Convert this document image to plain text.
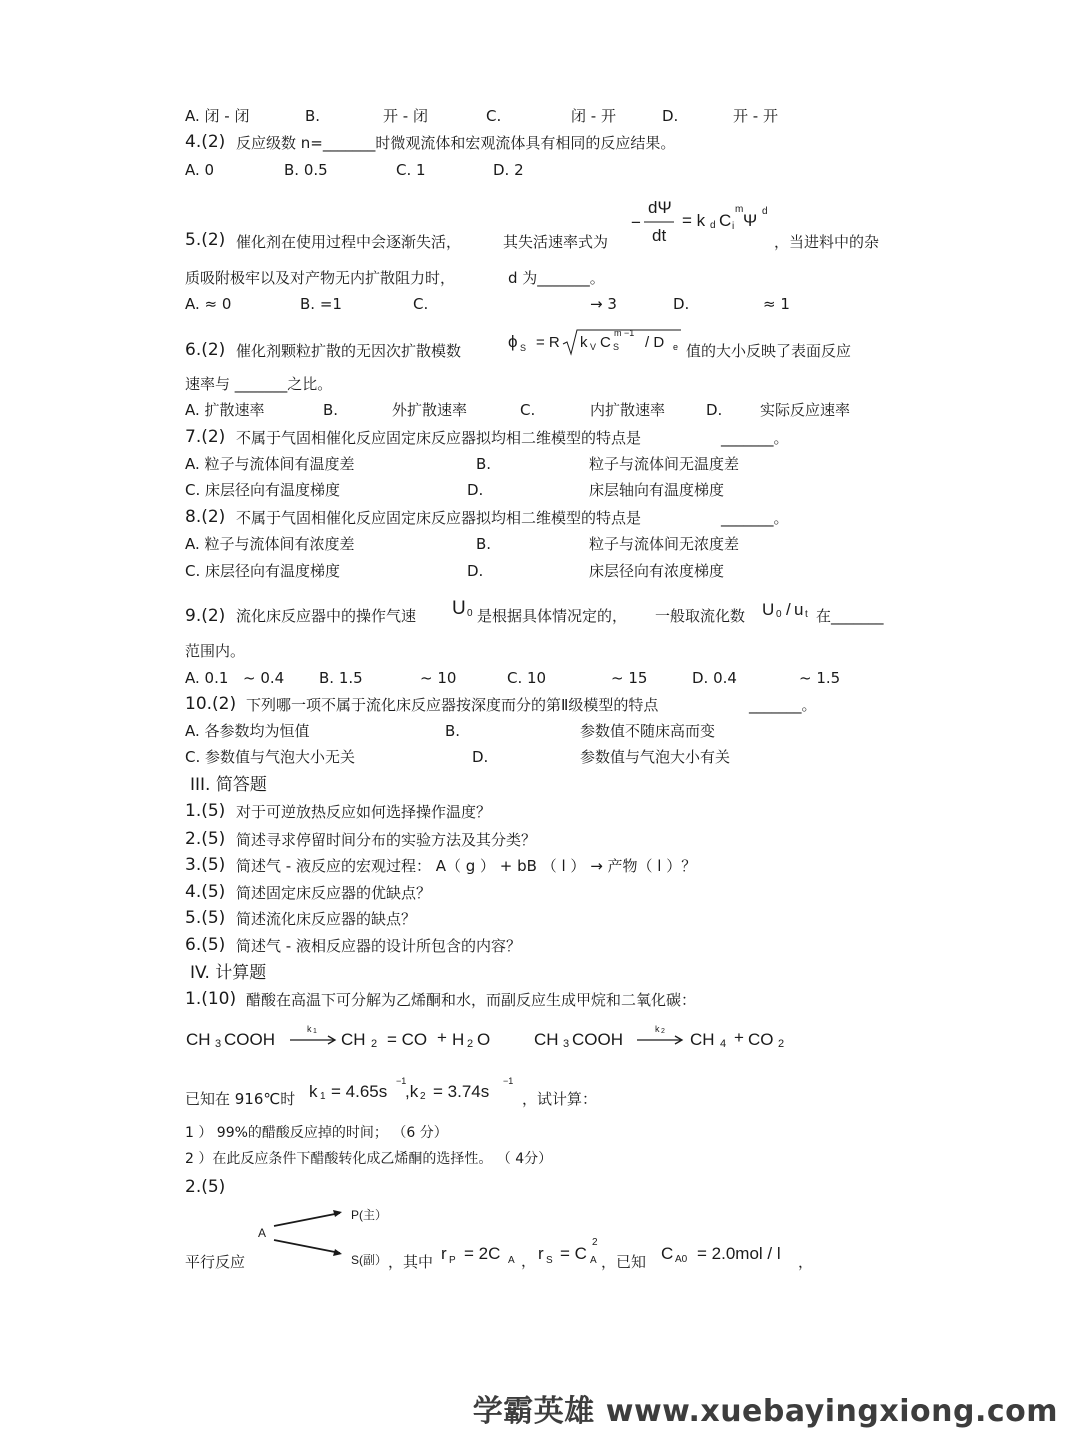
A. 闭 - 闭	B.	开 - 闭	C.	闭 - 开	D.	开 - 开
4.(2) 反应级数 n=_______时微观流体和宏观流体具有相同的反应结果。
A. 0	B. 0.5	C. 1	D. 2
5.(2) 催化剂在使用过程中会逐渐失活，	其失活速率式为
−
dΨ
dt
= k d C i
m
Ψ d
，当进料中的杂
质吸附极牢以及对产物无内扩散阻力时，	d 为_______。
A. ≈ 0	B. =1	C.	→ 3	D.	≈ 1
6.(2) 催化剂颗粒扩散的无因次扩散模数	ϕ S = R k V C S
m −1
/ D e 值的大小反映了表面反应
速率与 _______之比。
A. 扩散速率	B.	外扩散速率	C.	内扩散速率	D.	实际反应速率
7.(2) 不属于气固相催化反应固定床反应器拟均相二维模型的特点是	_______。
A. 粒子与流体间有温度差	B.	粒子与流体间无温度差
C. 床层径向有温度梯度	D.	床层轴向有温度梯度
8.(2) 不属于气固相催化反应固定床反应器拟均相二维模型的特点是	_______。
A. 粒子与流体间有浓度差	B.	粒子与流体间无浓度差
C. 床层径向有温度梯度	D.	床层径向有浓度梯度
9.(2) 流化床反应器中的操作气速 U 0 是根据具体情况定的， 一般取流化数 U 0 / u t 在_______
范围内。
A. 0.1 ~ 0.4 B. 1.5	~ 10	C. 10	~ 15	D. 0.4	~ 1.5
10.(2) 下列哪一项不属于流化床反应器按深度而分的第Ⅱ级模型的特点	_______。
A. 各参数均为恒值	B.	参数值不随床高而变
C. 参数值与气泡大小无关	D.	参数值与气泡大小有关
III. 简答题
1.(5) 对于可逆放热反应如何选择操作温度？
2.(5) 简述寻求停留时间分布的实验方法及其分类？
3.(5) 简述气 - 液反应的宏观过程： A（ g ） + bB （ l ） → 产物（ l ）？
4.(5) 简述固定床反应器的优缺点？
5.(5) 简述流化床反应器的缺点？
6.(5) 简述气 - 液相反应器的设计所包含的内容？
IV. 计算题
1.(10) 醋酸在高温下可分解为乙烯酮和水，而副反应生成甲烷和二氧化碳：
CH 3 COOH
k 1 CH 2 = CO + H 2 O	CH 3 COOH
k 2 CH 4 + CO 2
已知在 916℃时 k 1 = 4.65s
−1
,k 2 = 3.74s
−1
，试计算：
1 ） 99%的醋酸反应掉的时间； （6 分）
2 ）在此反应条件下醋酸转化成乙烯酮的选择性。 （ 4分）
2.(5)
A
P(主）
S(副）
平行反应	，其中 r P = 2C A ， r S = C A
2
，已知 C A0 = 2.0mol / l ，
学霸英雄 www.xuebayingxiong.com
